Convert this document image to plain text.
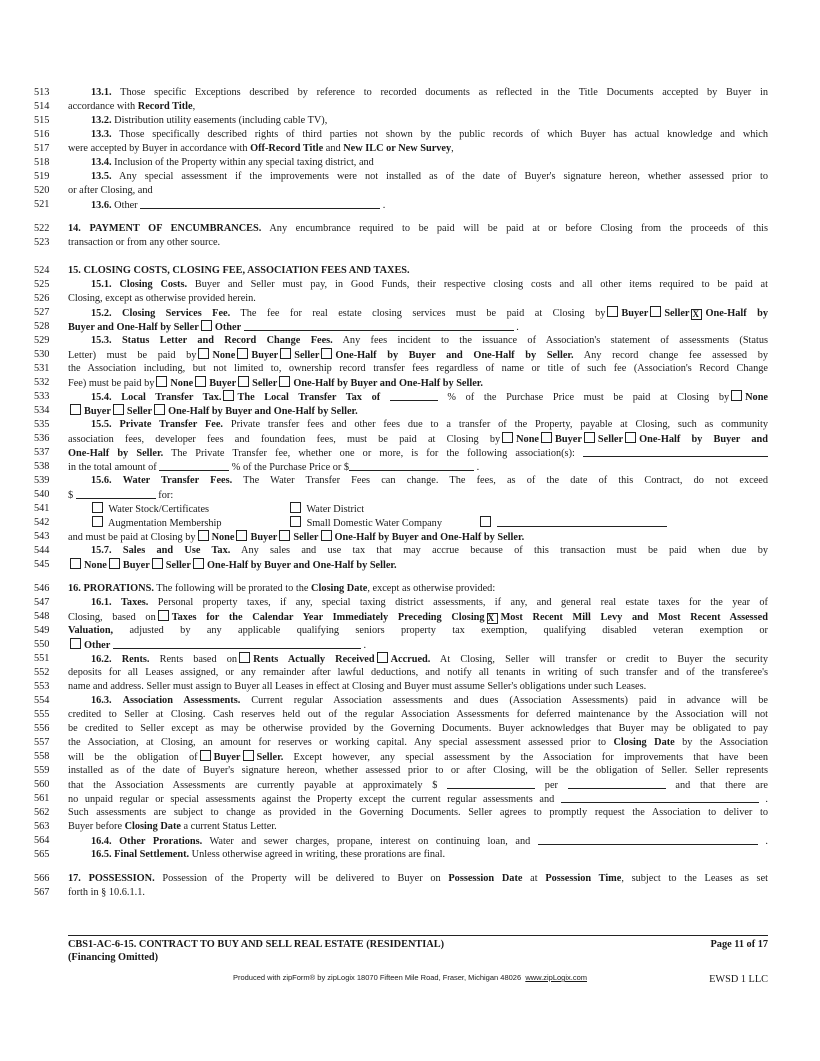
513	13.1. Those specific Exceptions described by reference to recorded documents as reflected in the Title Documents accepted by Buyer in
514	accordance with Record Title,
515	13.2. Distribution utility easements (including cable TV),
516	13.3. Those specifically described rights of third parties not shown by the public records of which Buyer has actual knowledge and which
517	were accepted by Buyer in accordance with Off-Record Title and New ILC or New Survey,
518	13.4. Inclusion of the Property within any special taxing district, and
519	13.5. Any special assessment if the improvements were not installed as of the date of Buyer's signature hereon, whether assessed prior to
520	or after Closing, and
521	13.6. Other	.
522	14. PAYMENT OF ENCUMBRANCES. Any encumbrance required to be paid will be paid at or before Closing from the proceeds of this
523	transaction or from any other source.
524	15. CLOSING COSTS, CLOSING FEE, ASSOCIATION FEES AND TAXES.
525	15.1. Closing Costs. Buyer and Seller must pay, in Good Funds, their respective closing costs and all other items required to be paid at
526	Closing, except as otherwise provided herein.
527	15.2. Closing Services Fee. The fee for real estate closing services must be paid at Closing by Buyer Seller X One-Half by
528	Buyer and One-Half by Seller Other	.
529	15.3. Status Letter and Record Change Fees. Any fees incident to the issuance of Association's statement of assessments (Status
530	Letter) must be paid by None Buyer Seller One-Half by Buyer and One-Half by Seller. Any record change fee assessed by
531	the Association including, but not limited to, ownership record transfer fees regardless of name or title of such fee (Association's Record Change
532	Fee) must be paid by None Buyer Seller One-Half by Buyer and One-Half by Seller.
533	15.4. Local Transfer Tax. The Local Transfer Tax of	% of the Purchase Price must be paid at Closing by None
534	Buyer Seller One-Half by Buyer and One-Half by Seller.
535	15.5. Private Transfer Fee. Private transfer fees and other fees due to a transfer of the Property, payable at Closing, such as community
536	association fees, developer fees and foundation fees, must be paid at Closing by None Buyer Seller One-Half by Buyer and
537	One-Half by Seller. The Private Transfer fee, whether one or more, is for the following association(s):
538	in the total amount of	% of the Purchase Price or $	.
539	15.6. Water Transfer Fees. The Water Transfer Fees can change. The fees, as of the date of this Contract, do not exceed
540	$	for:
541	Water Stock/Certificates	Water District
542	Augmentation Membership	Small Domestic Water Company

543	and must be paid at Closing by None Buyer Seller One-Half by Buyer and One-Half by Seller.
544	15.7. Sales and Use Tax. Any sales and use tax that may accrue because of this transaction must be paid when due by
545	None Buyer Seller One-Half by Buyer and One-Half by Seller.
546	16. PRORATIONS. The following will be prorated to the Closing Date, except as otherwise provided:
547	16.1. Taxes. Personal property taxes, if any, special taxing district assessments, if any, and general real estate taxes for the year of
548	Closing, based on Taxes for the Calendar Year Immediately Preceding Closing X Most Recent Mill Levy and Most Recent Assessed
549	Valuation, adjusted by any applicable qualifying seniors property tax exemption, qualifying disabled veteran exemption or
550	Other	.
551	16.2. Rents. Rents based on Rents Actually Received Accrued. At Closing, Seller will transfer or credit to Buyer the security
552	deposits for all Leases assigned, or any remainder after lawful deductions, and notify all tenants in writing of such transfer and of the transferee's
553	name and address. Seller must assign to Buyer all Leases in effect at Closing and Buyer must assume Seller's obligations under such Leases.
554	16.3. Association Assessments. Current regular Association assessments and dues (Association Assessments) paid in advance will be
555	credited to Seller at Closing. Cash reserves held out of the regular Association Assessments for deferred maintenance by the Association will not
556	be credited to Seller except as may be otherwise provided by the Governing Documents. Buyer acknowledges that Buyer may be obligated to pay
557	the Association, at Closing, an amount for reserves or working capital. Any special assessment assessed prior to Closing Date by the Association
558	will be the obligation of Buyer Seller. Except however, any special assessment by the Association for improvements that have been
559	installed as of the date of Buyer's signature hereon, whether assessed prior to or after Closing, will be the obligation of Seller. Seller represents
560	that the Association Assessments are currently payable at approximately $	per	and that there are
561	no unpaid regular or special assessments against the Property except the current regular assessments and	.
562	Such assessments are subject to change as provided in the Governing Documents. Seller agrees to promptly request the Association to deliver to
563	Buyer before Closing Date a current Status Letter.
564	16.4. Other Prorations. Water and sewer charges, propane, interest on continuing loan, and	.
565	16.5. Final Settlement. Unless otherwise agreed in writing, these prorations are final.
566	17. POSSESSION. Possession of the Property will be delivered to Buyer on Possession Date at Possession Time, subject to the Leases as set
567	forth in § 10.6.1.1.
CBS1-AC-6-15. CONTRACT TO BUY AND SELL REAL ESTATE (RESIDENTIAL)
(Financing Omitted)
Page 11 of 17
Produced with zipForm® by zipLogix 18070 Fifteen Mile Road, Fraser, Michigan 48026 www.zipLogix.com	EWSD 1 LLC
